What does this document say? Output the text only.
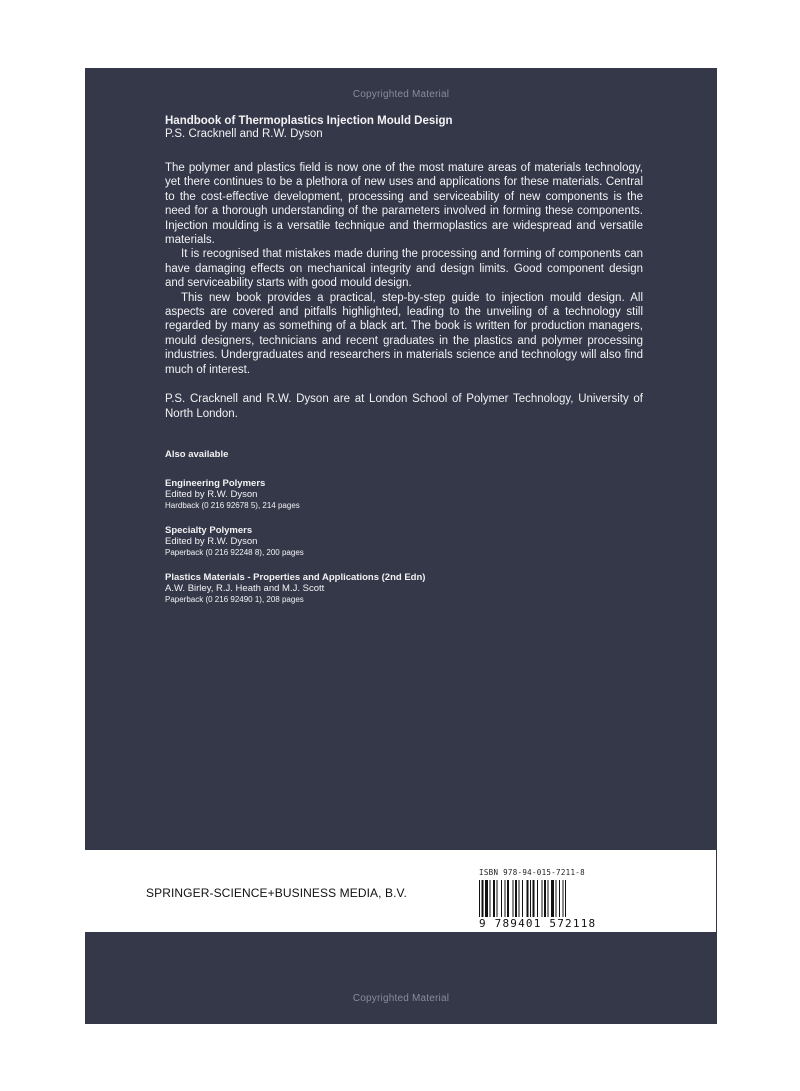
Copyrighted Material
Handbook of Thermoplastics Injection Mould Design
P.S. Cracknell and R.W. Dyson

The polymer and plastics field is now one of the most mature areas of materials technology, yet there continues to be a plethora of new uses and applications for these materials. Central to the cost-effective development, processing and serviceability of new components is the need for a thorough understanding of the parameters involved in forming these components. Injection moulding is a versatile technique and thermoplastics are widespread and versatile materials.

It is recognised that mistakes made during the processing and forming of components can have damaging effects on mechanical integrity and design limits. Good component design and serviceability starts with good mould design.

This new book provides a practical, step-by-step guide to injection mould design. All aspects are covered and pitfalls highlighted, leading to the unveiling of a technology still regarded by many as something of a black art. The book is written for production managers, mould designers, technicians and recent graduates in the plastics and polymer processing industries. Undergraduates and researchers in materials science and technology will also find much of interest.

P.S. Cracknell and R.W. Dyson are at London School of Polymer Technology, University of North London.
Also available
Engineering Polymers
Edited by R.W. Dyson
Hardback (0 216 92678 5), 214 pages
Specialty Polymers
Edited by R.W. Dyson
Paperback (0 216 92248 8), 200 pages
Plastics Materials - Properties and Applications (2nd Edn)
A.W. Birley, R.J. Heath and M.J. Scott
Paperback (0 216 92490 1), 208 pages
SPRINGER-SCIENCE+BUSINESS MEDIA, B.V.
ISBN 978-94-015-7211-8
9 789401 572118
Copyrighted Material
